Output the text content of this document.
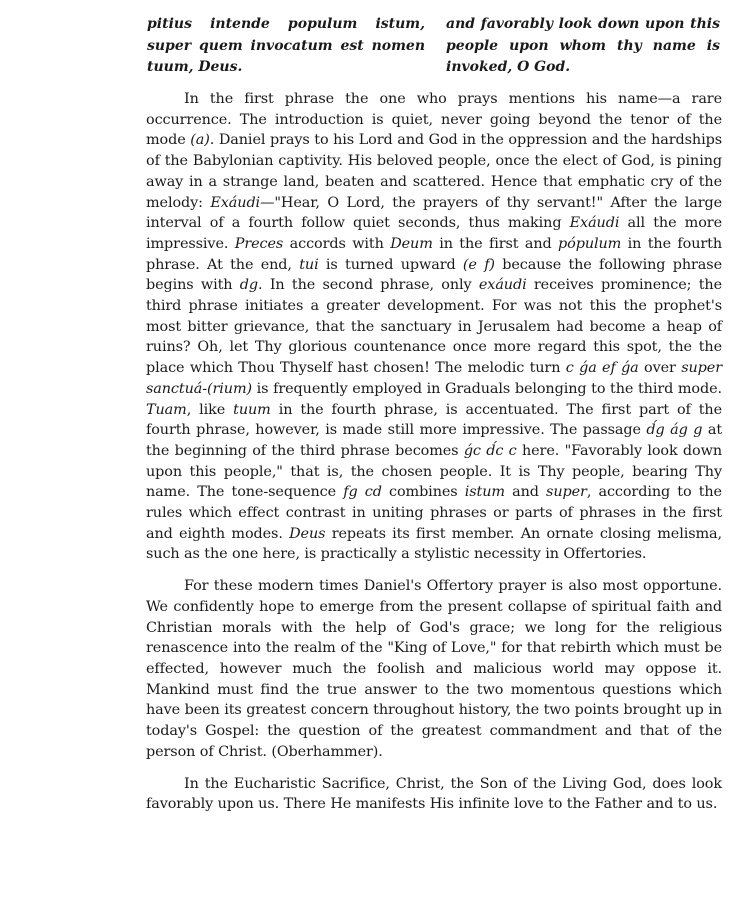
pitius intende populum istum, super quem invocatum est nomen tuum, Deus.
and favorably look down upon this people upon whom thy name is invoked, O God.

In the first phrase the one who prays mentions his name—a rare occurrence. The introduction is quiet, never going beyond the tenor of the mode (a). Daniel prays to his Lord and God in the oppression and the hardships of the Babylonian captivity. His beloved people, once the elect of God, is pining away in a strange land, beaten and scattered. Hence that emphatic cry of the melody: Exáudi—"Hear, O Lord, the prayers of thy servant!" After the large interval of a fourth follow quiet seconds, thus making Exáudi all the more impressive. Preces accords with Deum in the first and pópulum in the fourth phrase. At the end, tui is turned upward (e f) because the following phrase begins with dg. In the second phrase, only exáudi receives prominence; the third phrase initiates a greater development. For was not this the prophet's most bitter grievance, that the sanctuary in Jerusalem had become a heap of ruins? Oh, let Thy glorious countenance once more regard this spot, the the place which Thou Thyself hast chosen! The melodic turn c ǵa ef ǵa over super sanctuá-(rium) is frequently employed in Graduals belonging to the third mode. Tuam, like tuum in the fourth phrase, is accentuated. The first part of the fourth phrase, however, is made still more impressive. The passage d́g ág g at the beginning of the third phrase becomes ǵc d́c c here. "Favorably look down upon this people," that is, the chosen people. It is Thy people, bearing Thy name. The tone-sequence fg cd combines istum and super, according to the rules which effect contrast in uniting phrases or parts of phrases in the first and eighth modes. Deus repeats its first member. An ornate closing melisma, such as the one here, is practically a stylistic necessity in Offertories.

For these modern times Daniel's Offertory prayer is also most opportune. We confidently hope to emerge from the present collapse of spiritual faith and Christian morals with the help of God's grace; we long for the religious renascence into the realm of the "King of Love," for that rebirth which must be effected, however much the foolish and malicious world may oppose it. Mankind must find the true answer to the two momentous questions which have been its greatest concern throughout history, the two points brought up in today's Gospel: the question of the greatest commandment and that of the person of Christ. (Oberhammer).

In the Eucharistic Sacrifice, Christ, the Son of the Living God, does look favorably upon us. There He manifests His infinite love to the Father and to us.
